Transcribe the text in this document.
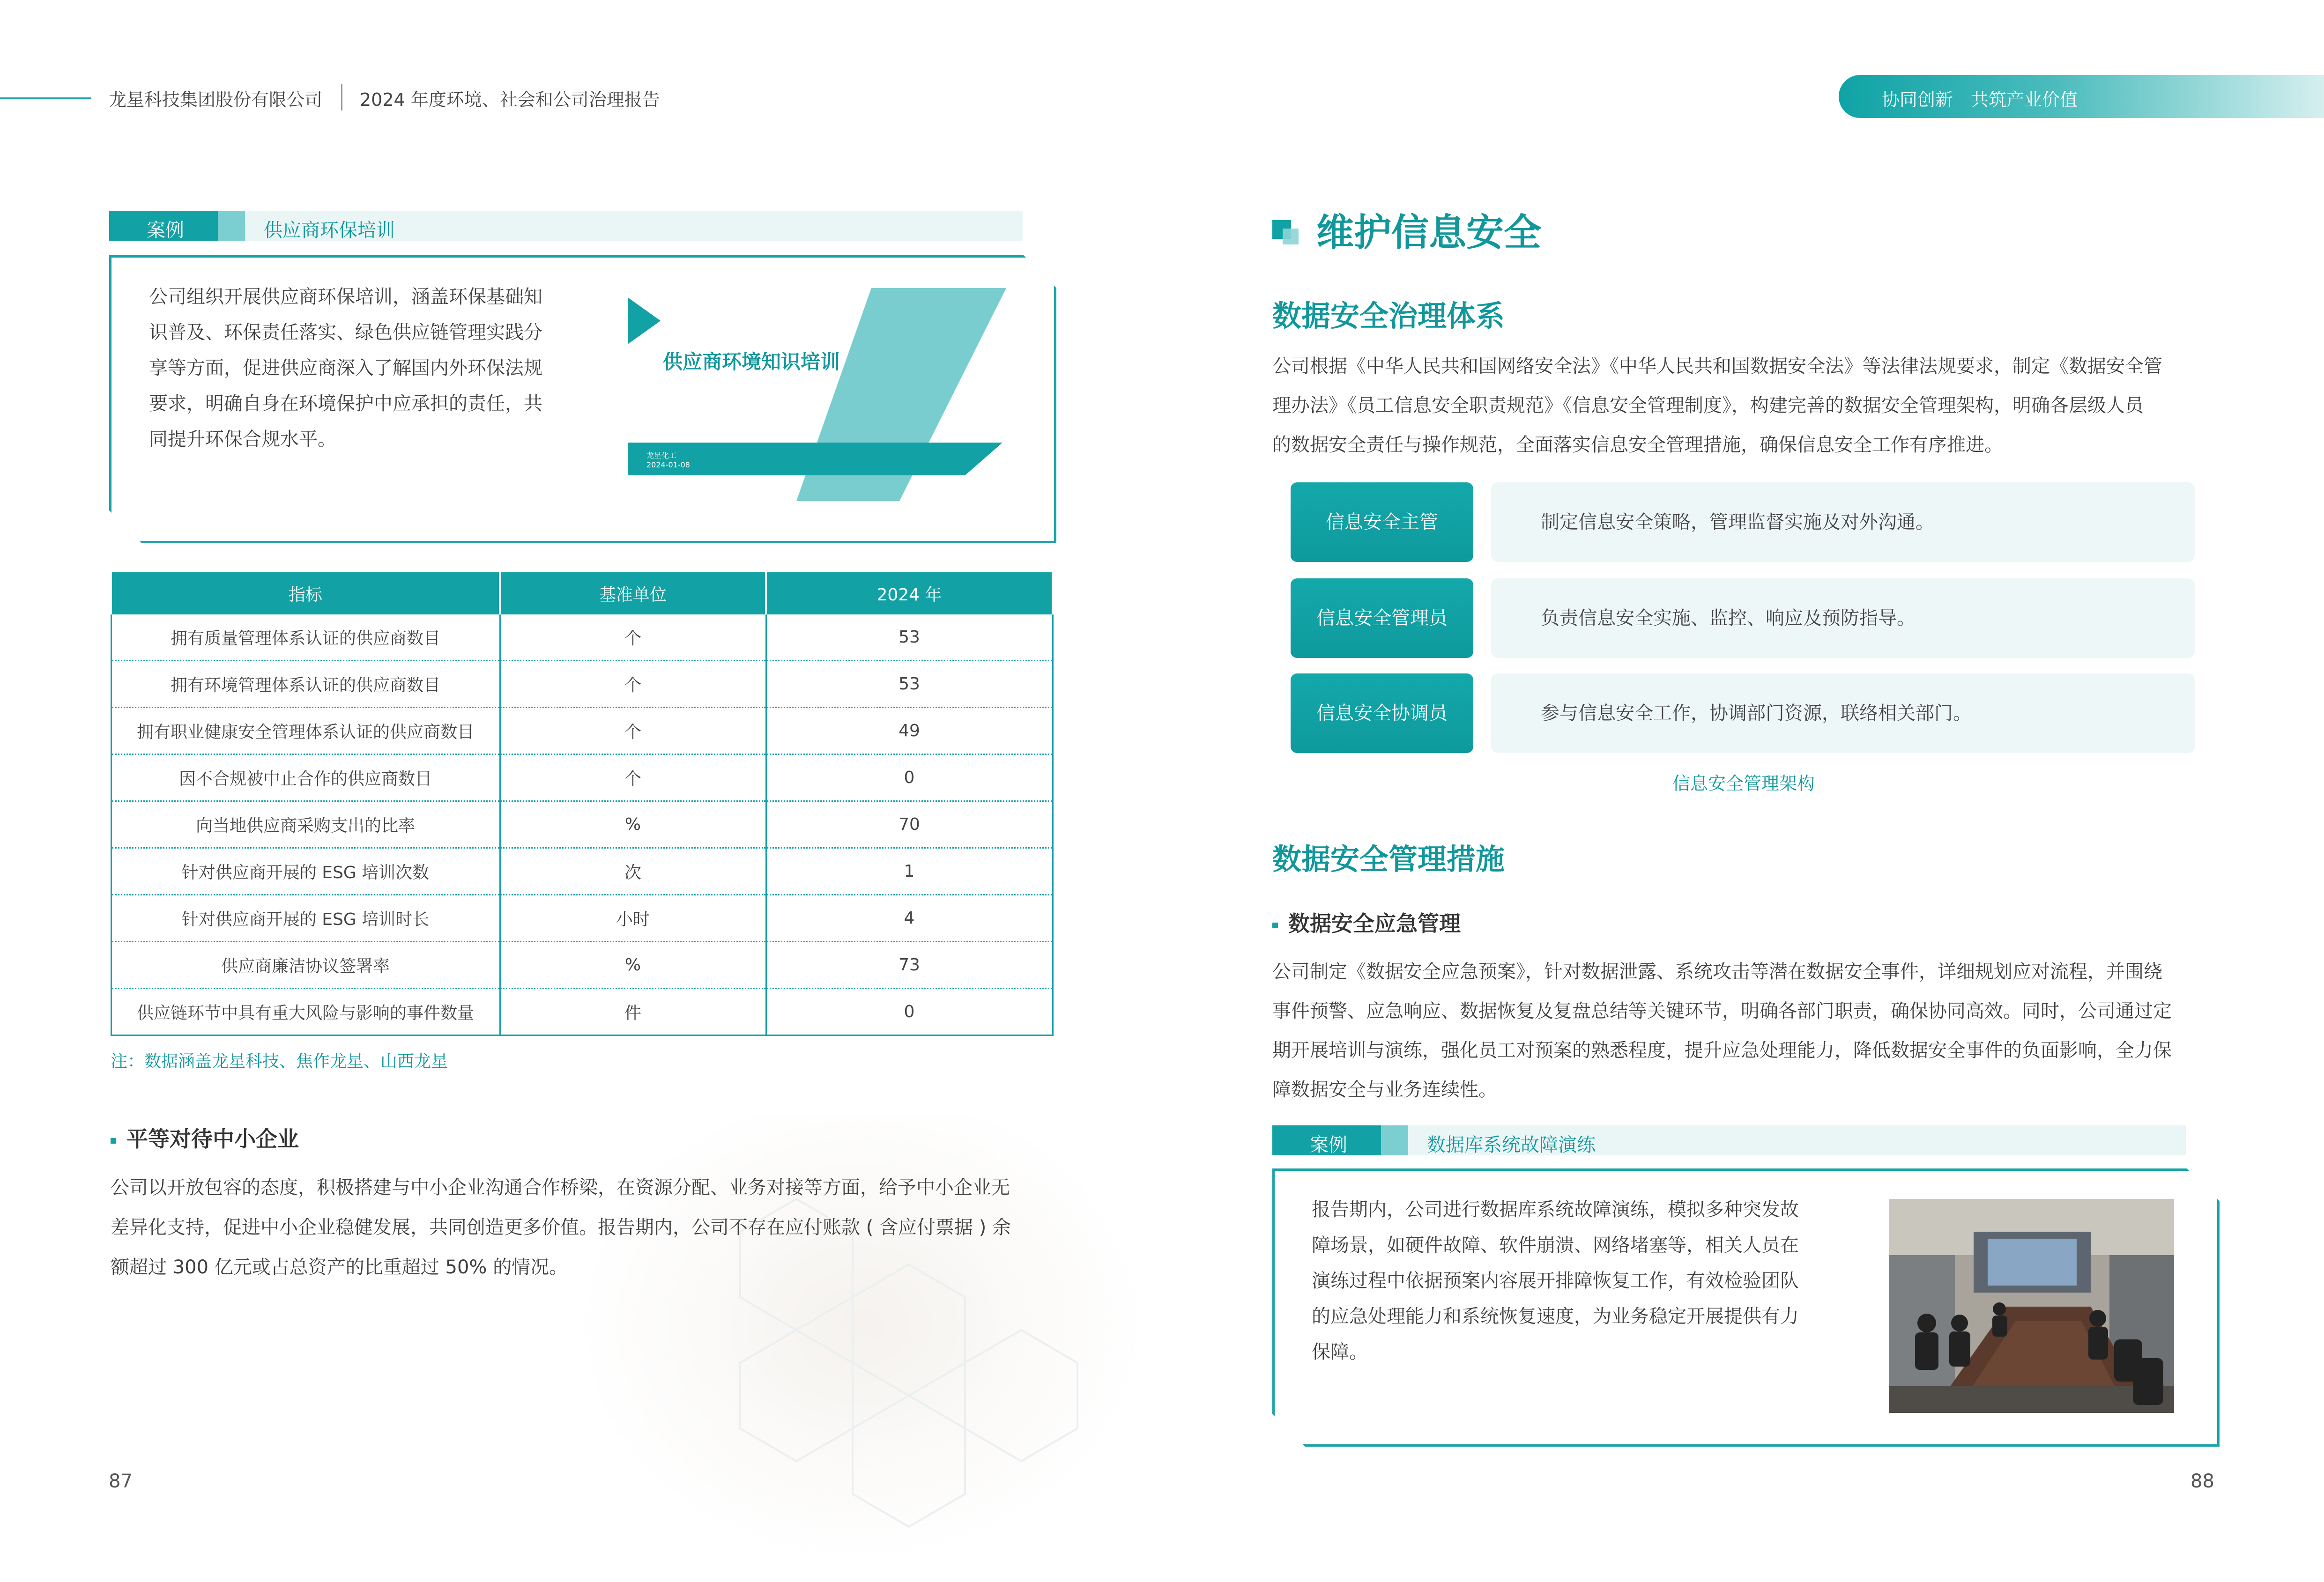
龙星科技集团股份有限公司 2024 年度环境、社会和公司治理报告	协同创新　共筑产业价值
案例	供应商环保培训
公司组织开展供应商环保培训，涵盖环保基础知
识普及、环保责任落实、绿色供应链管理实践分
享等方面，促进供应商深入了解国内外环保法规
要求，明确自身在环境保护中应承担的责任，共
同提升环保合规水平。
供应商环境知识培训
龙星化工
2024-01-08
指标	基准单位	2024 年
拥有质量管理体系认证的供应商数目	个	53
拥有环境管理体系认证的供应商数目	个	53
拥有职业健康安全管理体系认证的供应商数目	个	49
因不合规被中止合作的供应商数目	个	0
向当地供应商采购支出的比率	%	70
针对供应商开展的 ESG 培训次数	次	1
针对供应商开展的 ESG 培训时长	小时	4
供应商廉洁协议签署率	%	73
供应链环节中具有重大风险与影响的事件数量	件	0
注：数据涵盖龙星科技、焦作龙星、山西龙星
平等对待中小企业
公司以开放包容的态度，积极搭建与中小企业沟通合作桥梁，在资源分配、业务对接等方面，给予中小企业无
差异化支持，促进中小企业稳健发展，共同创造更多价值。报告期内，公司不存在应付账款 ( 含应付票据 ) 余
额超过 300 亿元或占总资产的比重超过 50% 的情况。
87
维护信息安全
数据安全治理体系
公司根据《中华人民共和国网络安全法》《中华人民共和国数据安全法》等法律法规要求，制定《数据安全管
理办法》《员工信息安全职责规范》《信息安全管理制度》，构建完善的数据安全管理架构，明确各层级人员
的数据安全责任与操作规范，全面落实信息安全管理措施，确保信息安全工作有序推进。
信息安全主管	制定信息安全策略，管理监督实施及对外沟通。
信息安全管理员	负责信息安全实施、监控、响应及预防指导。
信息安全协调员	参与信息安全工作，协调部门资源，联络相关部门。
信息安全管理架构
数据安全管理措施
数据安全应急管理
公司制定《数据安全应急预案》，针对数据泄露、系统攻击等潜在数据安全事件，详细规划应对流程，并围绕
事件预警、应急响应、数据恢复及复盘总结等关键环节，明确各部门职责，确保协同高效。同时，公司通过定
期开展培训与演练，强化员工对预案的熟悉程度，提升应急处理能力，降低数据安全事件的负面影响，全力保
障数据安全与业务连续性。
案例	数据库系统故障演练
报告期内，公司进行数据库系统故障演练，模拟多种突发故
障场景，如硬件故障、软件崩溃、网络堵塞等，相关人员在
演练过程中依据预案内容展开排障恢复工作，有效检验团队
的应急处理能力和系统恢复速度，为业务稳定开展提供有力
保障。
88
